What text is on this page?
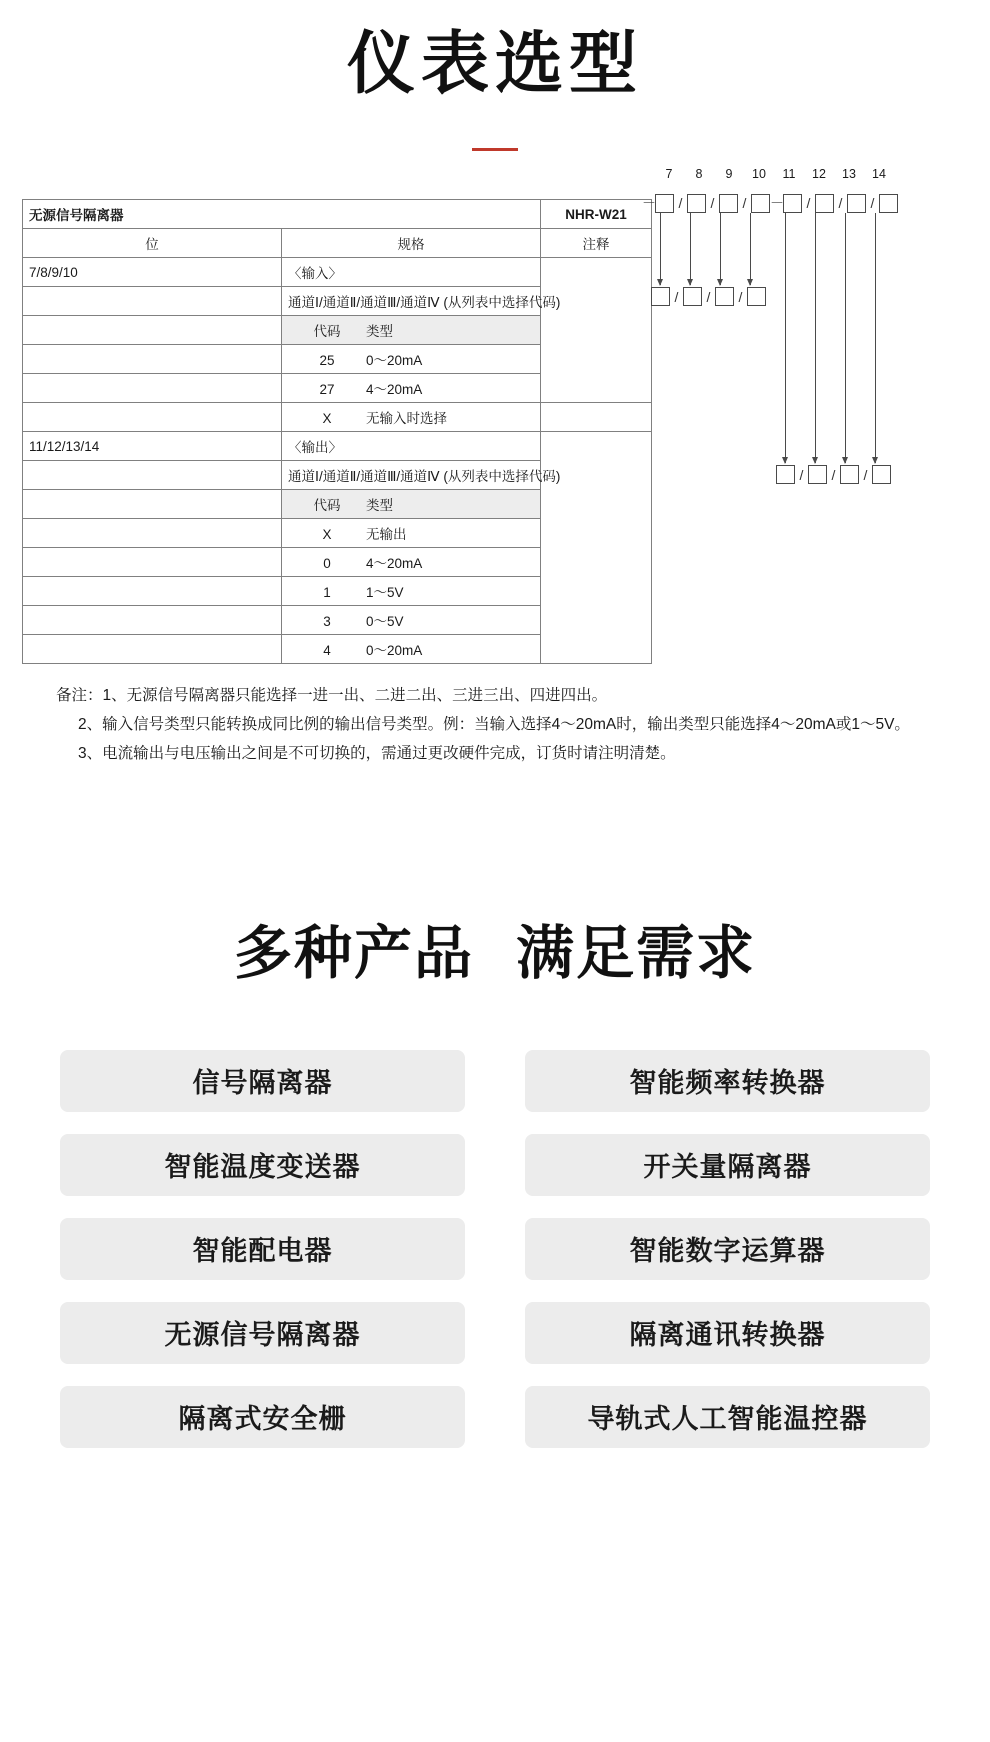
仪表选型
无源信号隔离器		NHR-W21
位	规格	注释
7/8/9/10	〈输入〉	
	通道Ⅰ/通道Ⅱ/通道Ⅲ/通道Ⅳ (从列表中选择代码)	
	代码 类型	
	25 0～20mA	
	27 4～20mA	
	X 无输入时选择	
11/12/13/14	〈输出〉	
	通道Ⅰ/通道Ⅱ/通道Ⅲ/通道Ⅳ (从列表中选择代码)	
	代码 类型	
	X 无输出	
	0 4～20mA	
	1 1～5V	
	3 0～5V	
	4 0～20mA	
7	8	9	10	11	12	13	14
－	/	/	/	－	/	/	/
/	/	/
/	/	/

备注：1、无源信号隔离器只能选择一进一出、二进二出、三进三出、四进四出。

2、输入信号类型只能转换成同比例的输出信号类型。例：当输入选择4～20mA时，输出类型只能选择4～20mA或1～5V。

3、电流输出与电压输出之间是不可切换的，需通过更改硬件完成，订货时请注明清楚。

多种产品 满足需求
信号隔离器	智能频率转换器
智能温度变送器	开关量隔离器
智能配电器	智能数字运算器
无源信号隔离器	隔离通讯转换器
隔离式安全栅	导轨式人工智能温控器
